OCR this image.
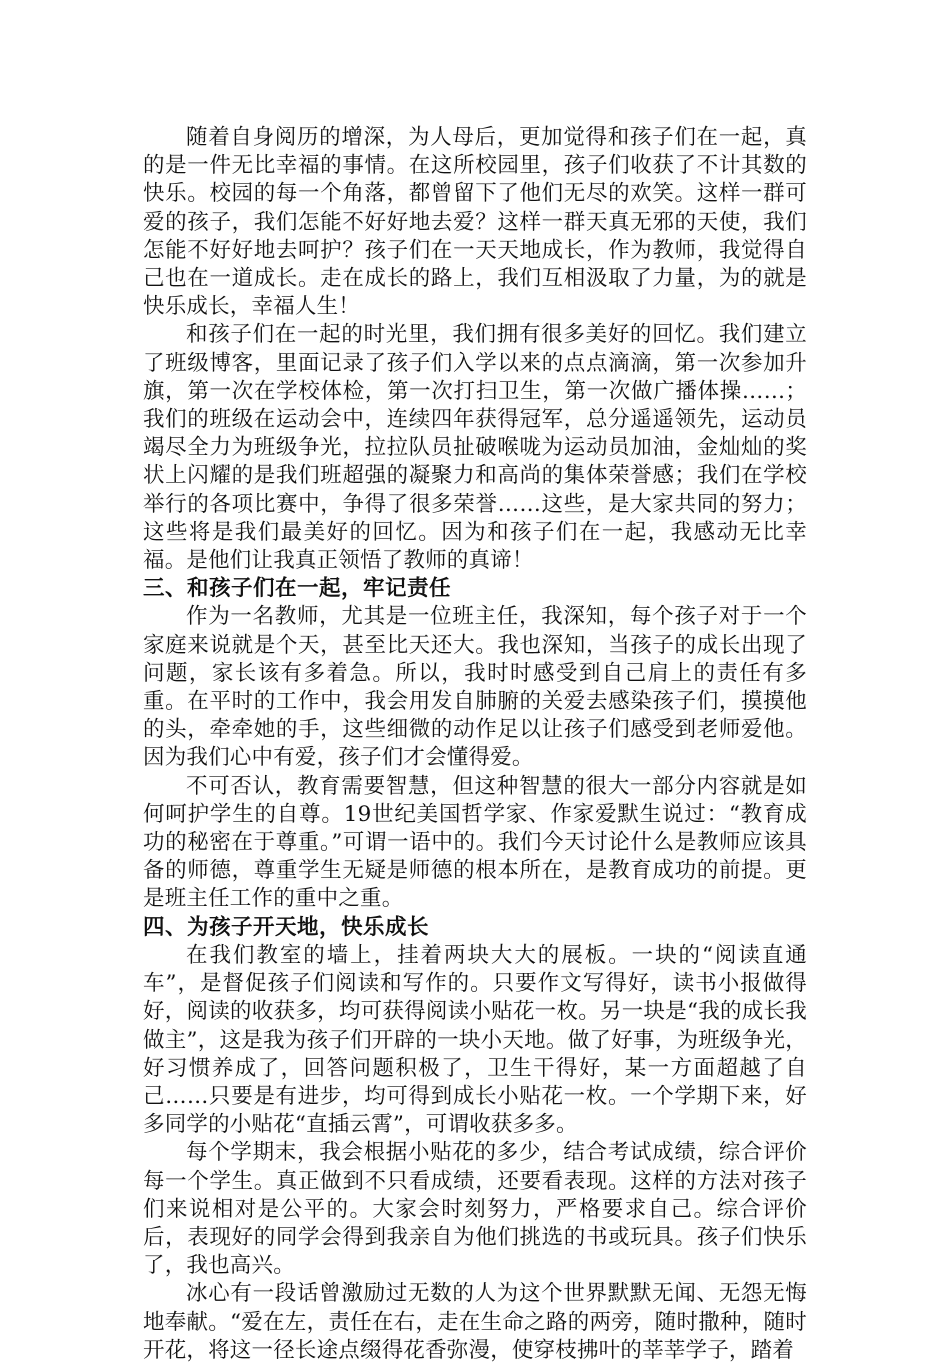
随着自身阅历的增深，为人母后，更加觉得和孩子们在一起，真的是一件无比幸福的事情。在这所校园里，孩子们收获了不计其数的快乐。校园的每一个角落，都曾留下了他们无尽的欢笑。这样一群可爱的孩子，我们怎能不好好地去爱？这样一群天真无邪的天使，我们怎能不好好地去呵护？孩子们在一天天地成长，作为教师，我觉得自己也在一道成长。走在成长的路上，我们互相汲取了力量，为的就是快乐成长，幸福人生！

和孩子们在一起的时光里，我们拥有很多美好的回忆。我们建立了班级博客，里面记录了孩子们入学以来的点点滴滴，第一次参加升旗，第一次在学校体检，第一次打扫卫生，第一次做广播体操……；我们的班级在运动会中，连续四年获得冠军，总分遥遥领先，运动员竭尽全力为班级争光，拉拉队员扯破喉咙为运动员加油，金灿灿的奖状上闪耀的是我们班超强的凝聚力和高尚的集体荣誉感；我们在学校举行的各项比赛中，争得了很多荣誉……这些，是大家共同的努力；这些将是我们最美好的回忆。因为和孩子们在一起，我感动无比幸福。是他们让我真正领悟了教师的真谛！

三、和孩子们在一起，牢记责任

作为一名教师，尤其是一位班主任，我深知，每个孩子对于一个家庭来说就是个天，甚至比天还大。我也深知，当孩子的成长出现了问题，家长该有多着急。所以，我时时感受到自己肩上的责任有多重。在平时的工作中，我会用发自肺腑的关爱去感染孩子们，摸摸他的头，牵牵她的手，这些细微的动作足以让孩子们感受到老师爱他。因为我们心中有爱，孩子们才会懂得爱。

不可否认，教育需要智慧，但这种智慧的很大一部分内容就是如何呵护学生的自尊。19世纪美国哲学家、作家爱默生说过：“教育成功的秘密在于尊重。”可谓一语中的。我们今天讨论什么是教师应该具备的师德，尊重学生无疑是师德的根本所在，是教育成功的前提。更是班主任工作的重中之重。

四、为孩子开天地，快乐成长

在我们教室的墙上，挂着两块大大的展板。一块的“阅读直通车”，是督促孩子们阅读和写作的。只要作文写得好，读书小报做得好，阅读的收获多，均可获得阅读小贴花一枚。另一块是“我的成长我做主”，这是我为孩子们开辟的一块小天地。做了好事，为班级争光，好习惯养成了，回答问题积极了，卫生干得好，某一方面超越了自己……只要是有进步，均可得到成长小贴花一枚。一个学期下来，好多同学的小贴花“直插云霄”，可谓收获多多。

每个学期末，我会根据小贴花的多少，结合考试成绩，综合评价每一个学生。真正做到不只看成绩，还要看表现。这样的方法对孩子们来说相对是公平的。大家会时刻努力，严格要求自己。综合评价后，表现好的同学会得到我亲自为他们挑选的书或玩具。孩子们快乐了，我也高兴。

冰心有一段话曾激励过无数的人为这个世界默默无闻、无怨无悔地奉献。“爱在左，责任在右，走在生命之路的两旁，随时撒种，随时开花，将这一径长途点缀得花香弥漫，使穿枝拂叶的莘莘学子，踏着
